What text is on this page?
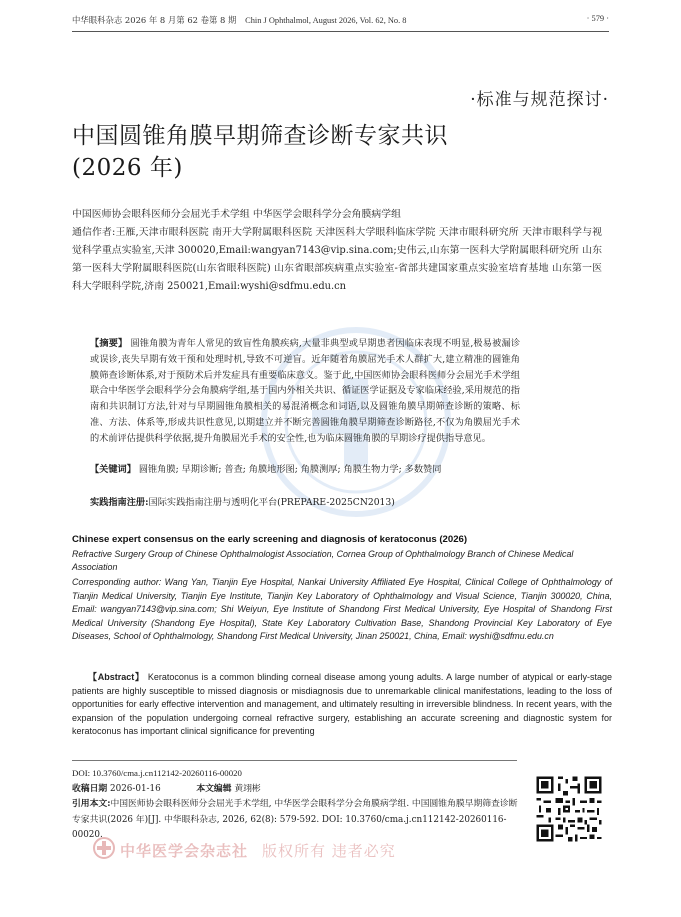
中华眼科杂志 2026 年 8 月第 62 卷第 8 期 Chin J Ophthalmol, August 2026, Vol. 62, No. 8	· 579 ·
·标准与规范探讨·
中国圆锥角膜早期筛查诊断专家共识
(2026 年)
中国医师协会眼科医师分会屈光手术学组 中华医学会眼科学分会角膜病学组
通信作者:王雁,天津市眼科医院 南开大学附属眼科医院 天津医科大学眼科临床学院 天津市眼科研究所 天津市眼科学与视觉科学重点实验室,天津 300020,Email:wangyan7143@vip.sina.com;史伟云,山东第一医科大学附属眼科研究所 山东第一医科大学附属眼科医院(山东省眼科医院) 山东省眼部疾病重点实验室-省部共建国家重点实验室培育基地 山东第一医科大学眼科学院,济南 250021,Email:wyshi@sdfmu.edu.cn
【摘要】 圆锥角膜为青年人常见的致盲性角膜疾病,大量非典型或早期患者因临床表现不明显,极易被漏诊或误诊,丧失早期有效干预和处理时机,导致不可逆盲。近年随着角膜屈光手术人群扩大,建立精准的圆锥角膜筛查诊断体系,对于预防术后并发症具有重要临床意义。鉴于此,中国医师协会眼科医师分会屈光手术学组联合中华医学会眼科学分会角膜病学组,基于国内外相关共识、循证医学证据及专家临床经验,采用规范的指南和共识制订方法,针对与早期圆锥角膜相关的易混淆概念和词语,以及圆锥角膜早期筛查诊断的策略、标准、方法、体系等,形成共识性意见,以期建立并不断完善圆锥角膜早期筛查诊断路径,不仅为角膜屈光手术的术前评估提供科学依据,提升角膜屈光手术的安全性,也为临床圆锥角膜的早期诊疗提供指导意见。
【关键词】 圆锥角膜; 早期诊断; 普查; 角膜地形图; 角膜测厚; 角膜生物力学; 多数赞同
实践指南注册:国际实践指南注册与透明化平台(PREPARE-2025CN2013)
Chinese expert consensus on the early screening and diagnosis of keratoconus (2026)
Refractive Surgery Group of Chinese Ophthalmologist Association, Cornea Group of Ophthalmology Branch of Chinese Medical Association
Corresponding author: Wang Yan, Tianjin Eye Hospital, Nankai University Affiliated Eye Hospital, Clinical College of Ophthalmology of Tianjin Medical University, Tianjin Eye Institute, Tianjin Key Laboratory of Ophthalmology and Visual Science, Tianjin 300020, China, Email: wangyan7143@vip.sina.com; Shi Weiyun, Eye Institute of Shandong First Medical University, Eye Hospital of Shandong First Medical University (Shandong Eye Hospital), State Key Laboratory Cultivation Base, Shandong Provincial Key Laboratory of Eye Diseases, School of Ophthalmology, Shandong First Medical University, Jinan 250021, China, Email: wyshi@sdfmu.edu.cn
【Abstract】 Keratoconus is a common blinding corneal disease among young adults. A large number of atypical or early-stage patients are highly susceptible to missed diagnosis or misdiagnosis due to unremarkable clinical manifestations, leading to the loss of opportunities for early effective intervention and management, and ultimately resulting in irreversible blindness. In recent years, with the expansion of the population undergoing corneal refractive surgery, establishing an accurate screening and diagnostic system for keratoconus has important clinical significance for preventing
DOI: 10.3760/cma.j.cn112142-20260116-00020
收稿日期 2026-01-16	本文编辑 黄翊彬
引用本文:中国医师协会眼科医师分会屈光手术学组, 中华医学会眼科学分会角膜病学组. 中国圆锥角膜早期筛查诊断专家共识(2026 年)[J]. 中华眼科杂志, 2026, 62(8): 579-592. DOI: 10.3760/cma.j.cn112142-20260116-00020.
中华医学会杂志社 版权所有 违者必究
